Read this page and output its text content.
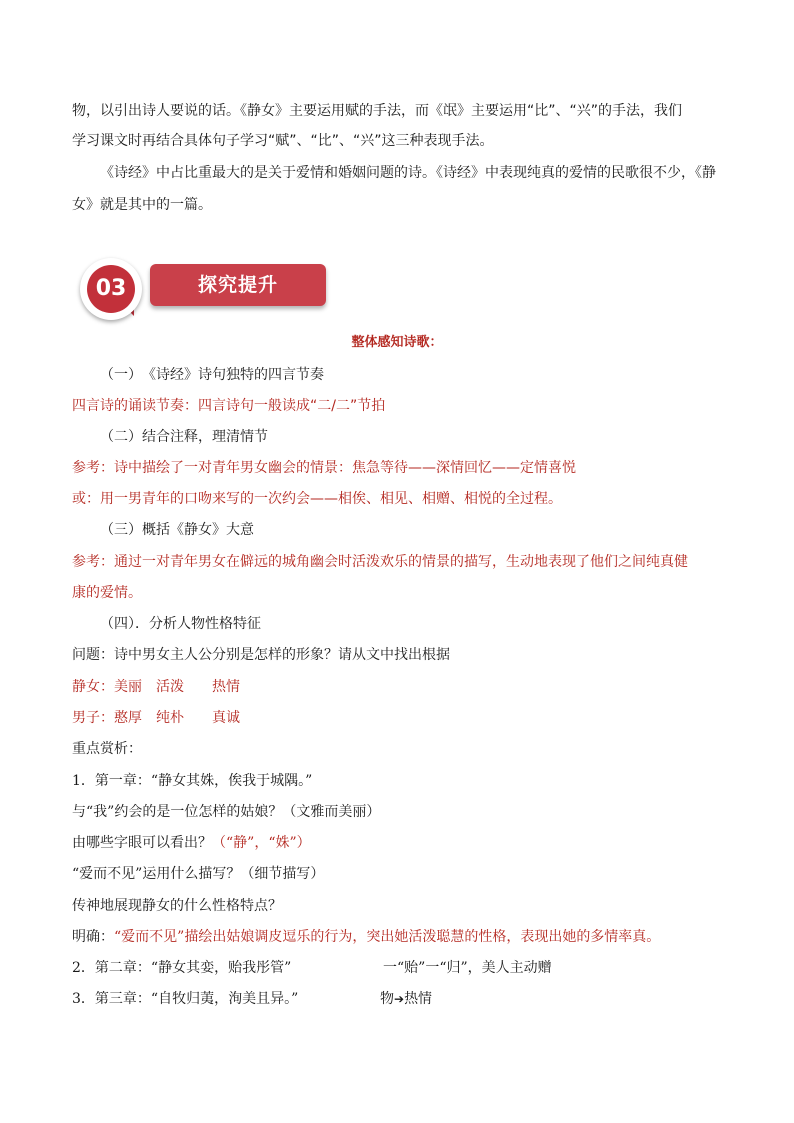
物，以引出诗人要说的话。《静女》主要运用赋的手法，而《氓》主要运用“比”、“兴”的手法，我们
学习课文时再结合具体句子学习“赋”、“比”、“兴”这三种表现手法。
《诗经》中占比重最大的是关于爱情和婚姻问题的诗。《诗经》中表现纯真的爱情的民歌很不少，《静
女》就是其中的一篇。
03	探究提升
整体感知诗歌：
（一）　《诗经》诗句独特的四言节奏
四言诗的诵读节奏：四言诗句一般读成“二/二”节拍
（二）结合注释，理清情节
参考：诗中描绘了一对青年男女幽会的情景：焦急等待——深情回忆——定情喜悦
或：用一男青年的口吻来写的一次约会——相俟、相见、相赠、相悦的全过程。
（三）概括《静女》大意
参考：通过一对青年男女在僻远的城角幽会时活泼欢乐的情景的描写，生动地表现了他们之间纯真健
康的爱情。
（四）．分析人物性格特征
问题：诗中男女主人公分别是怎样的形象？请从文中找出根据
静女：美丽　活泼　　热情
男子：憨厚　纯朴　　真诚
重点赏析：
1．第一章：“静女其姝，俟我于城隅。”
与“我”约会的是一位怎样的姑娘？（文雅而美丽）
由哪些字眼可以看出？（“静”，“姝”）
“爱而不见”运用什么描写？（细节描写）
传神地展现静女的什么性格特点？
明确：“爱而不见”描绘出姑娘调皮逗乐的行为，突出她活泼聪慧的性格，表现出她的多情率真。
2．第二章：“静女其娈，贻我彤管”	一“贻”一“归”，美人主动赠
3．第三章：“自牧归荑，洵美且异。”	物➔热情
